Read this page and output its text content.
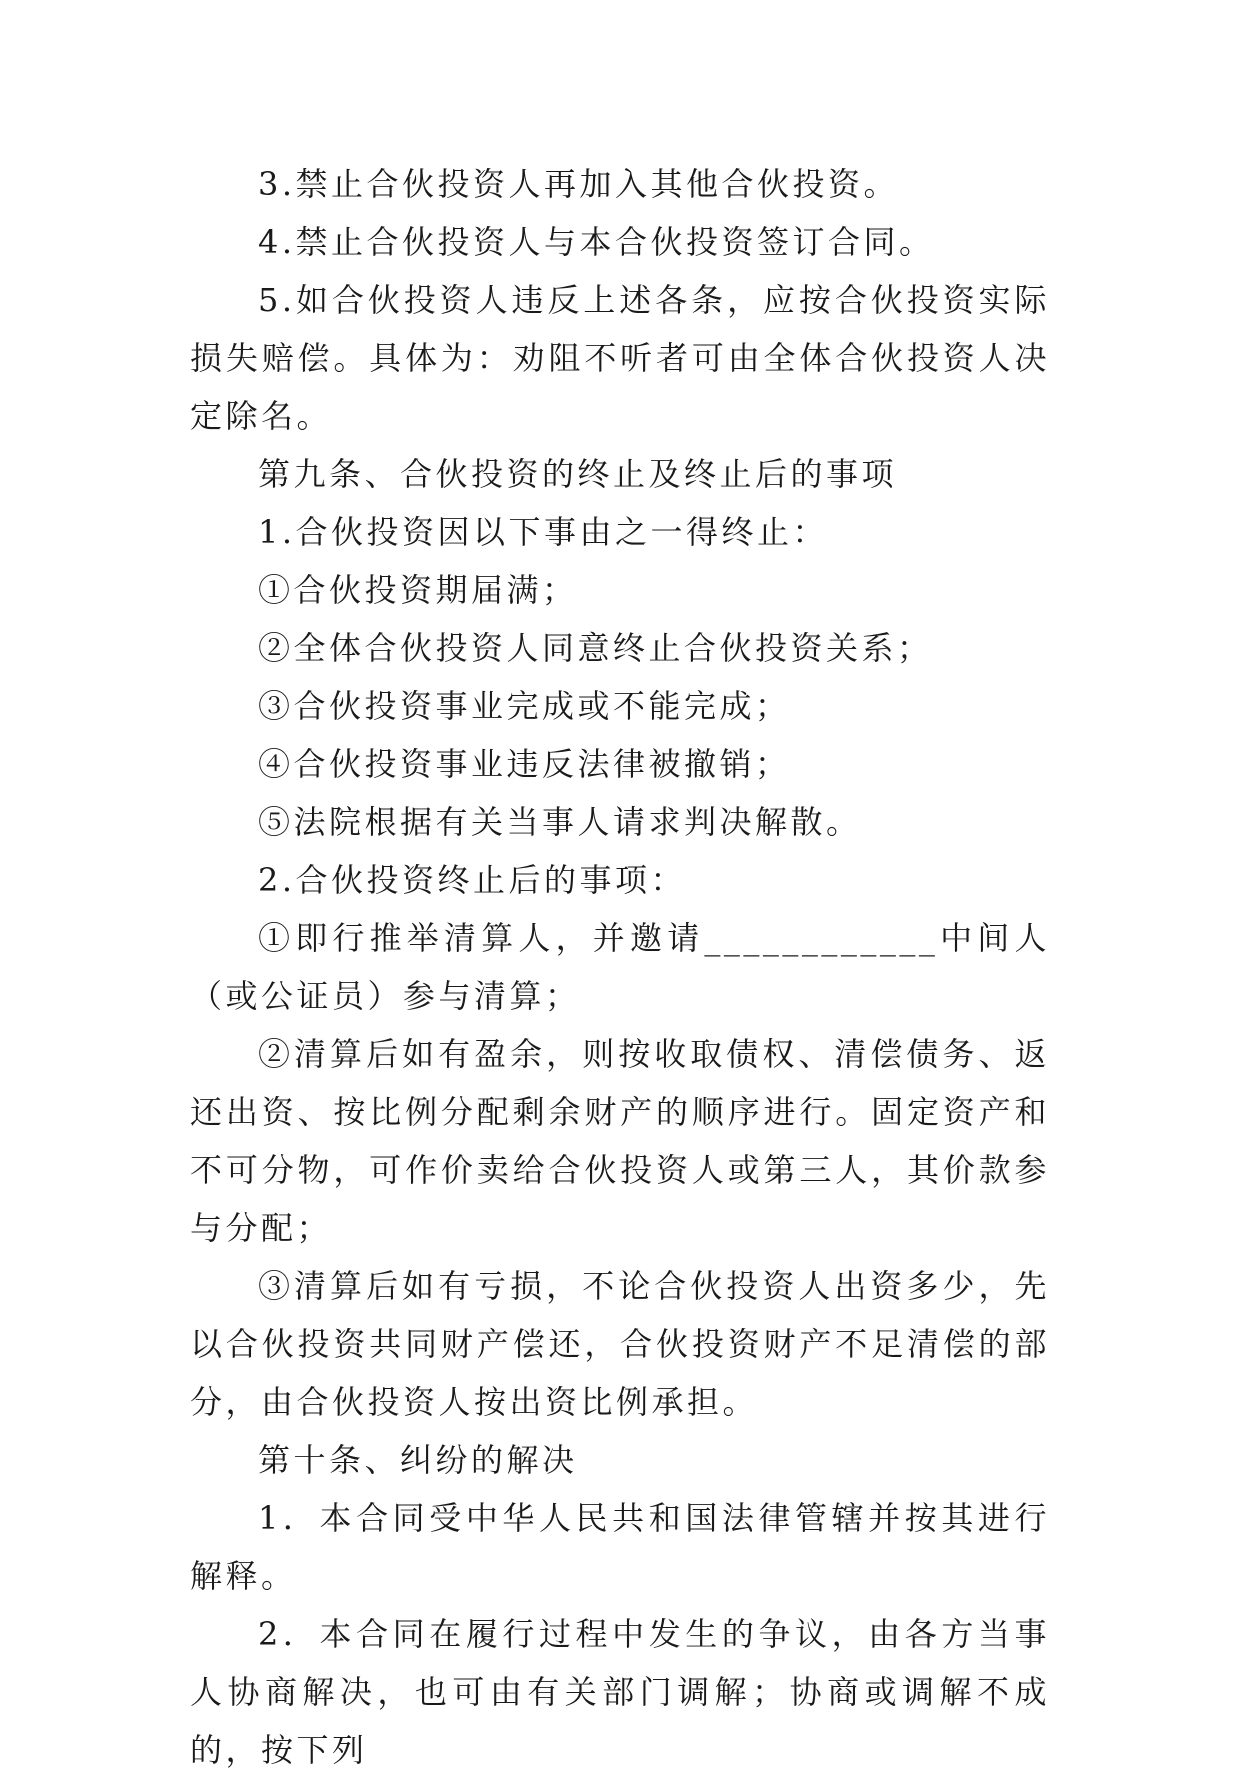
3.禁止合伙投资人再加入其他合伙投资。

4.禁止合伙投资人与本合伙投资签订合同。

5.如合伙投资人违反上述各条，应按合伙投资实际损失赔偿。具体为：劝阻不听者可由全体合伙投资人决定除名。

第九条、合伙投资的终止及终止后的事项

1.合伙投资因以下事由之一得终止：

①合伙投资期届满；

②全体合伙投资人同意终止合伙投资关系；

③合伙投资事业完成或不能完成；

④合伙投资事业违反法律被撤销；

⑤法院根据有关当事人请求判决解散。

2.合伙投资终止后的事项：

①即行推举清算人，并邀请____________中间人（或公证员）参与清算；

②清算后如有盈余，则按收取债权、清偿债务、返还出资、按比例分配剩余财产的顺序进行。固定资产和不可分物，可作价卖给合伙投资人或第三人，其价款参与分配；

③清算后如有亏损，不论合伙投资人出资多少，先以合伙投资共同财产偿还，合伙投资财产不足清偿的部分，由合伙投资人按出资比例承担。

第十条、纠纷的解决

1．本合同受中华人民共和国法律管辖并按其进行解释。

2．本合同在履行过程中发生的争议，由各方当事人协商解决，也可由有关部门调解；协商或调解不成的，按下列
